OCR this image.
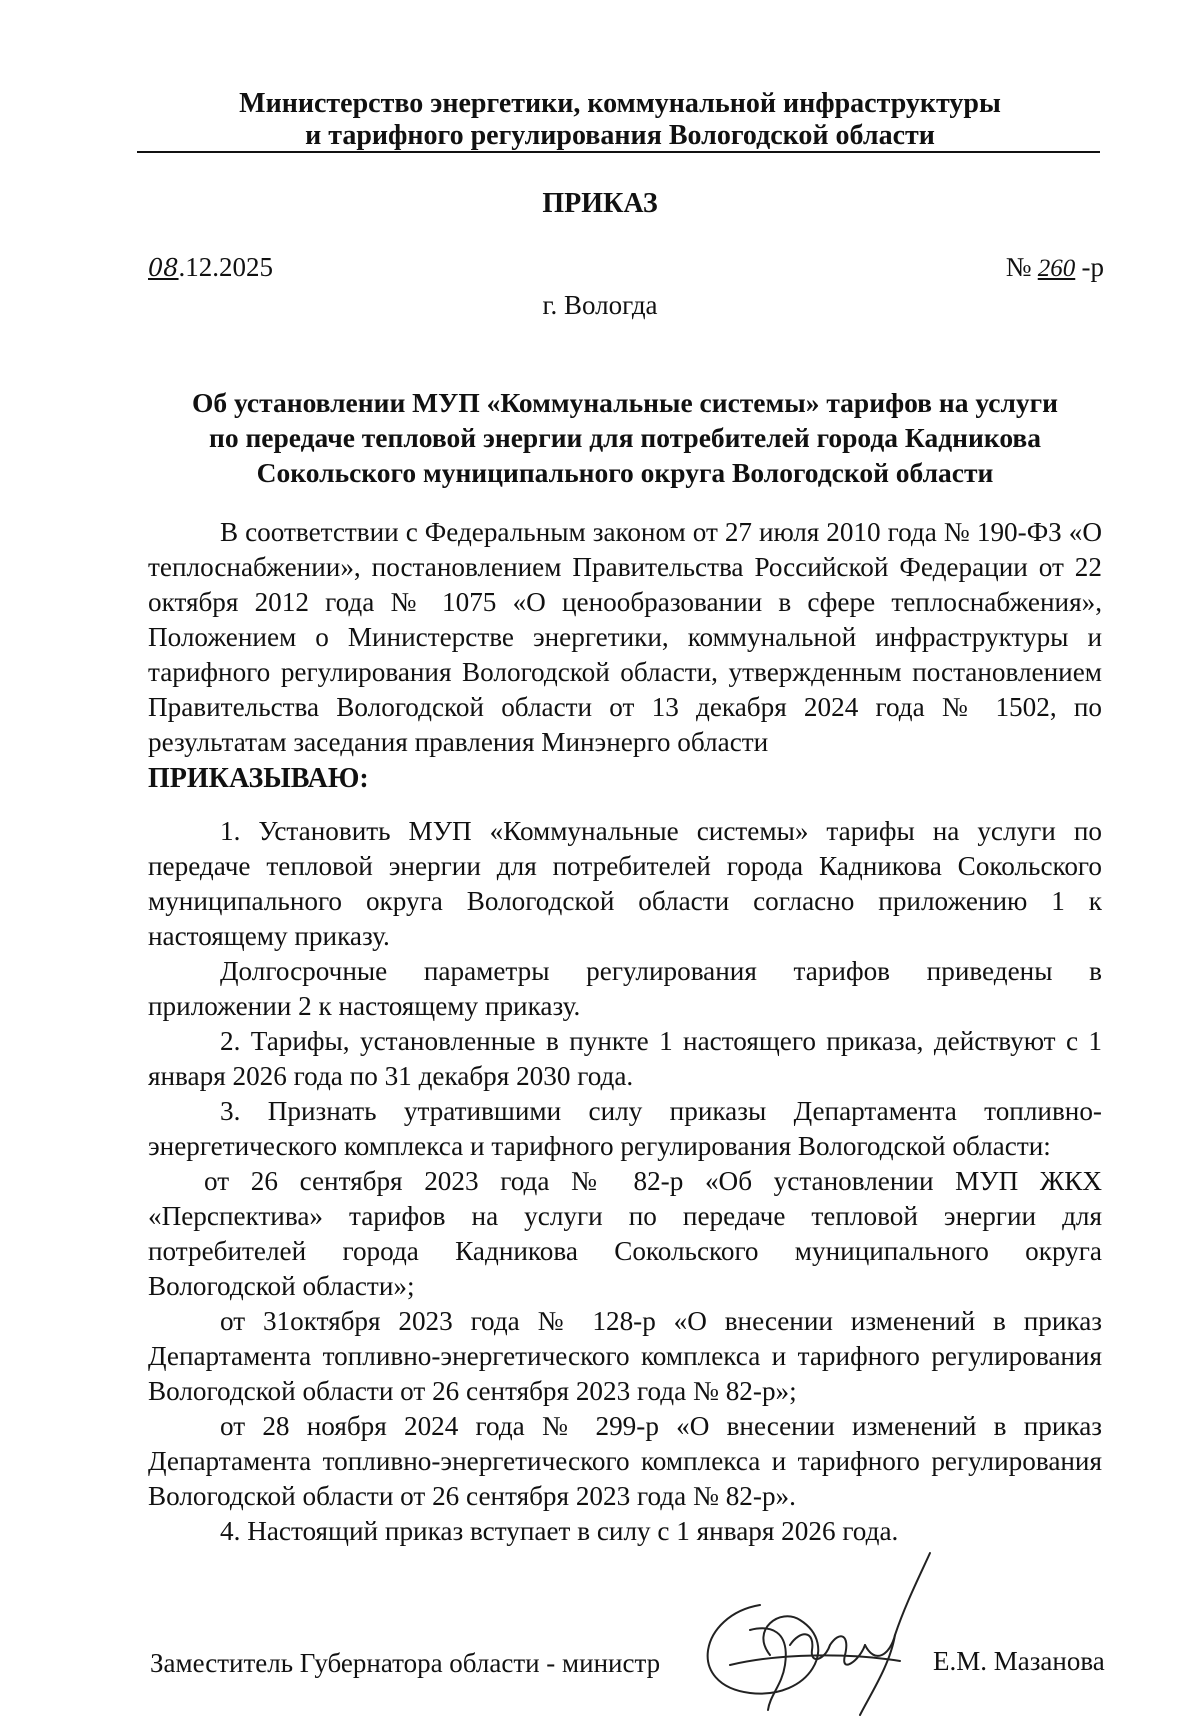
Министерство энергетики, коммунальной инфраструктуры
и тарифного регулирования Вологодской области
ПРИКАЗ
08.12.2025	№ 260 -р
г. Вологда
Об установлении МУП «Коммунальные системы» тарифов на услуги
по передаче тепловой энергии для потребителей города Кадникова
Сокольского муниципального округа Вологодской области

В соответствии с Федеральным законом от 27 июля 2010 года № 190-ФЗ «О теплоснабжении», постановлением Правительства Российской Федерации от 22 октября 2012 года № 1075 «О ценообразовании в сфере теплоснабжения», Положением о Министерстве энергетики, коммунальной инфраструктуры и тарифного регулирования Вологодской области, утвержденным постановлением Правительства Вологодской области от 13 декабря 2024 года № 1502, по результатам заседания правления Минэнерго области

ПРИКАЗЫВАЮ:

1. Установить МУП «Коммунальные системы» тарифы на услуги по передаче тепловой энергии для потребителей города Кадникова Сокольского муниципального округа Вологодской области согласно приложению 1 к настоящему приказу.

Долгосрочные параметры регулирования тарифов приведены в приложении 2 к настоящему приказу.

2. Тарифы, установленные в пункте 1 настоящего приказа, действуют с 1 января 2026 года по 31 декабря 2030 года.

3. Признать утратившими силу приказы Департамента топливно-энергетического комплекса и тарифного регулирования Вологодской области:

от 26 сентября 2023 года № 82-р «Об установлении МУП ЖКХ «Перспектива» тарифов на услуги по передаче тепловой энергии для потребителей города Кадникова Сокольского муниципального округа Вологодской области»;

от 31октября 2023 года № 128-р «О внесении изменений в приказ Департамента топливно-энергетического комплекса и тарифного регулирования Вологодской области от 26 сентября 2023 года № 82-р»;

от 28 ноября 2024 года № 299-р «О внесении изменений в приказ Департамента топливно-энергетического комплекса и тарифного регулирования Вологодской области от 26 сентября 2023 года № 82-р».

4. Настоящий приказ вступает в силу с 1 января 2026 года.

Заместитель Губернатора области - министр	Е.М. Мазанова
